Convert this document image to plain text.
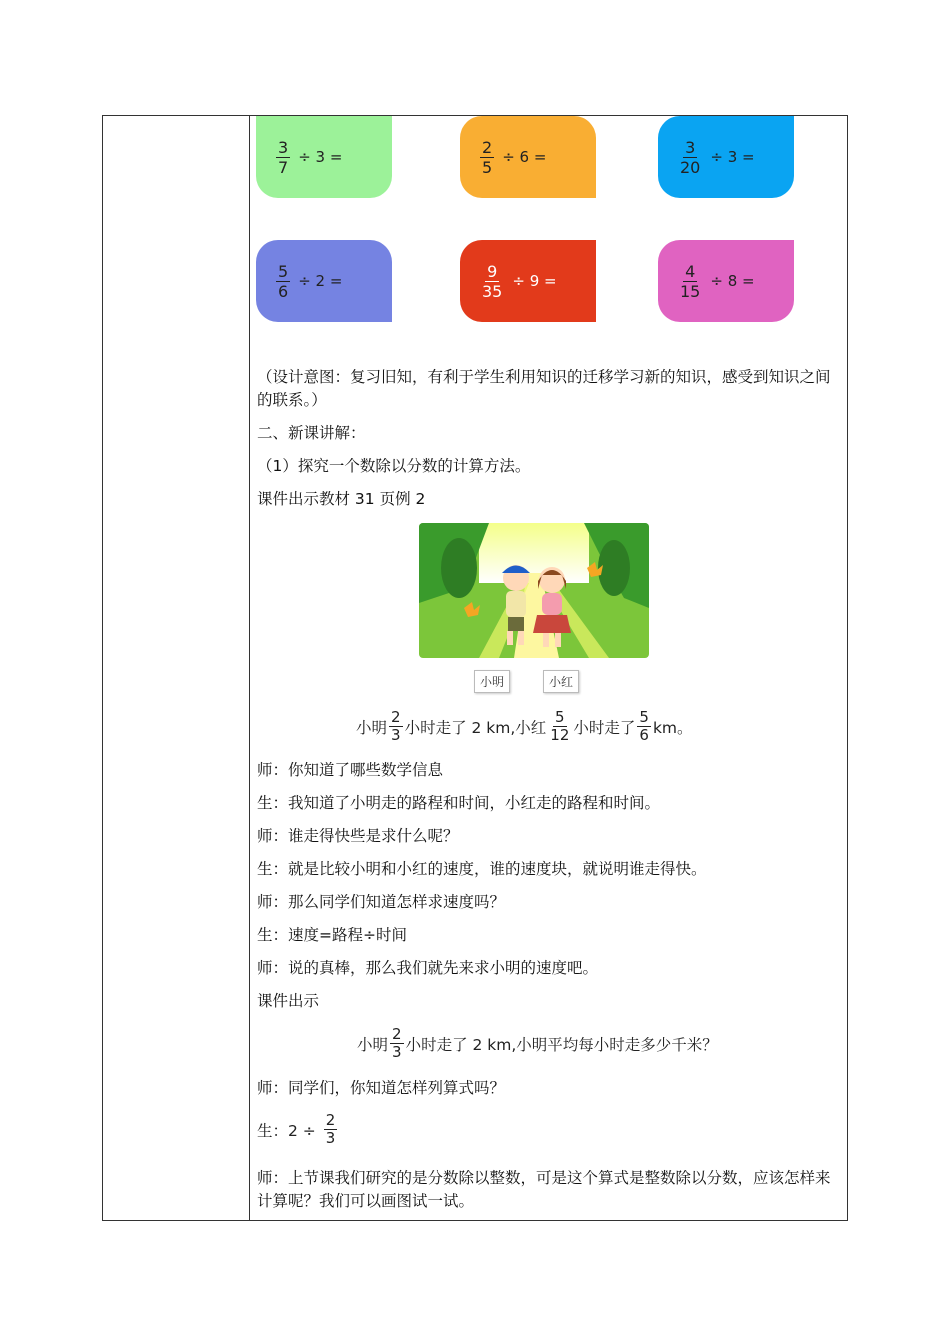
$\frac{3}{7} \div 3$ =	$\frac{2}{5} \div 6$ =	$\frac{3}{20} \div 3$ =
$\frac{5}{6} \div 2$ =	$\frac{9}{35} \div 9$ =	$\frac{4}{15} \div 8$ =
（设计意图：复习旧知，有利于学生利用知识的迁移学习新的知识，感受到知识之间的联系。）
二、新课讲解：
（1）探究一个数除以分数的计算方法。
课件出示教材 31 页例 2
小明	小红
小明 $\frac{2}{3}$ 小时走了 2 km,小红 $\frac{5}{12}$ 小时走了 $\frac{5}{6}$ km。
师：你知道了哪些数学信息
生：我知道了小明走的路程和时间，小红走的路程和时间。
师：谁走得快些是求什么呢？
生：就是比较小明和小红的速度，谁的速度块，就说明谁走得快。
师：那么同学们知道怎样求速度吗？
生：速度=路程÷时间
师：说的真棒，那么我们就先来求小明的速度吧。
课件出示
小明 $\frac{2}{3}$ 小时走了 2 km,小明平均每小时走多少千米？
师：同学们，你知道怎样列算式吗？
生：$2 \div \frac{2}{3}$
师：上节课我们研究的是分数除以整数，可是这个算式是整数除以分数，应该怎样来计算呢？我们可以画图试一试。
